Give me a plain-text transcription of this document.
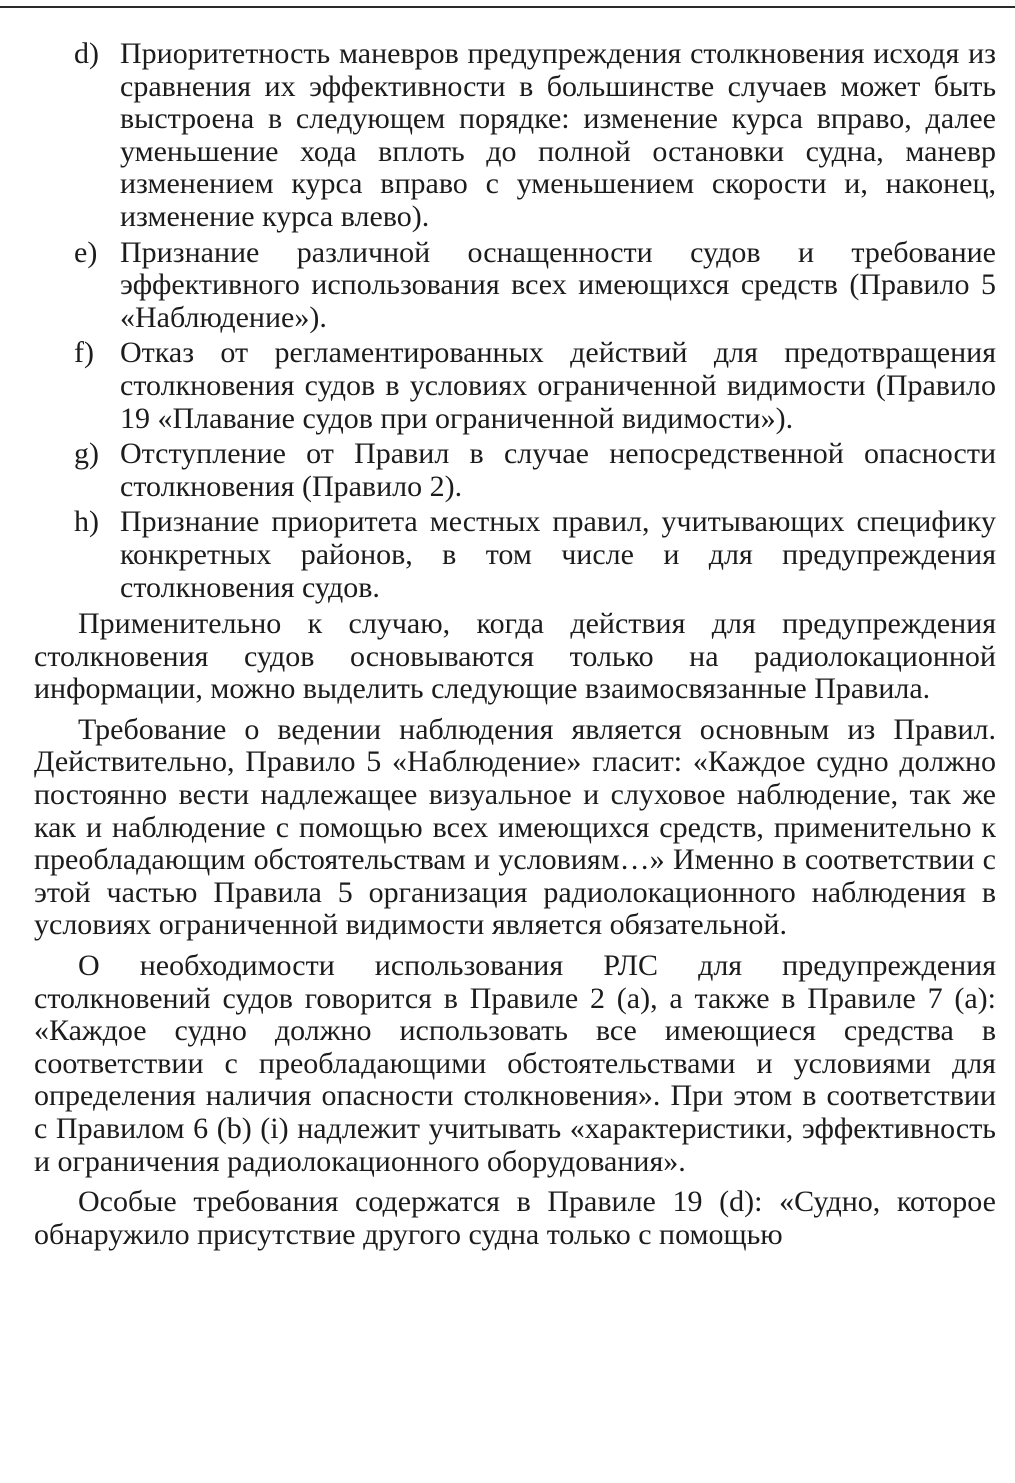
d) Приоритетность маневров предупреждения столкновения исходя из сравнения их эффективности в большинстве случаев может быть выстроена в следующем порядке: изменение курса вправо, далее уменьшение хода вплоть до полной остановки судна, маневр изменением курса вправо с уменьшением скорости и, наконец, изменение курса влево).
e) Признание различной оснащенности судов и требование эффективного использования всех имеющихся средств (Правило 5 «Наблюдение»).
f) Отказ от регламентированных действий для предотвращения столкновения судов в условиях ограниченной видимости (Правило 19 «Плавание судов при ограниченной видимости»).
g) Отступление от Правил в случае непосредственной опасности столкновения (Правило 2).
h) Признание приоритета местных правил, учитывающих специфику конкретных районов, в том числе и для предупреждения столкновения судов.

Применительно к случаю, когда действия для предупреждения столкновения судов основываются только на радиолокационной информации, можно выделить следующие взаимосвязанные Правила.

Требование о ведении наблюдения является основным из Правил. Действительно, Правило 5 «Наблюдение» гласит: «Каждое судно должно постоянно вести надлежащее визуальное и слуховое наблюдение, так же как и наблюдение с помощью всех имеющихся средств, применительно к преобладающим обстоятельствам и условиям…» Именно в соответствии с этой частью Правила 5 организация радиолокационного наблюдения в условиях ограниченной видимости является обязательной.

О необходимости использования РЛС для предупреждения столкновений судов говорится в Правиле 2 (а), а также в Правиле 7 (а): «Каждое судно должно использовать все имеющиеся средства в соответствии с преобладающими обстоятельствами и условиями для определения наличия опасности столкновения». При этом в соответствии с Правилом 6 (b) (i) надлежит учитывать «характеристики, эффективность и ограничения радиолокационного оборудования».

Особые требования содержатся в Правиле 19 (d): «Судно, которое обнаружило присутствие другого судна только с помощью
